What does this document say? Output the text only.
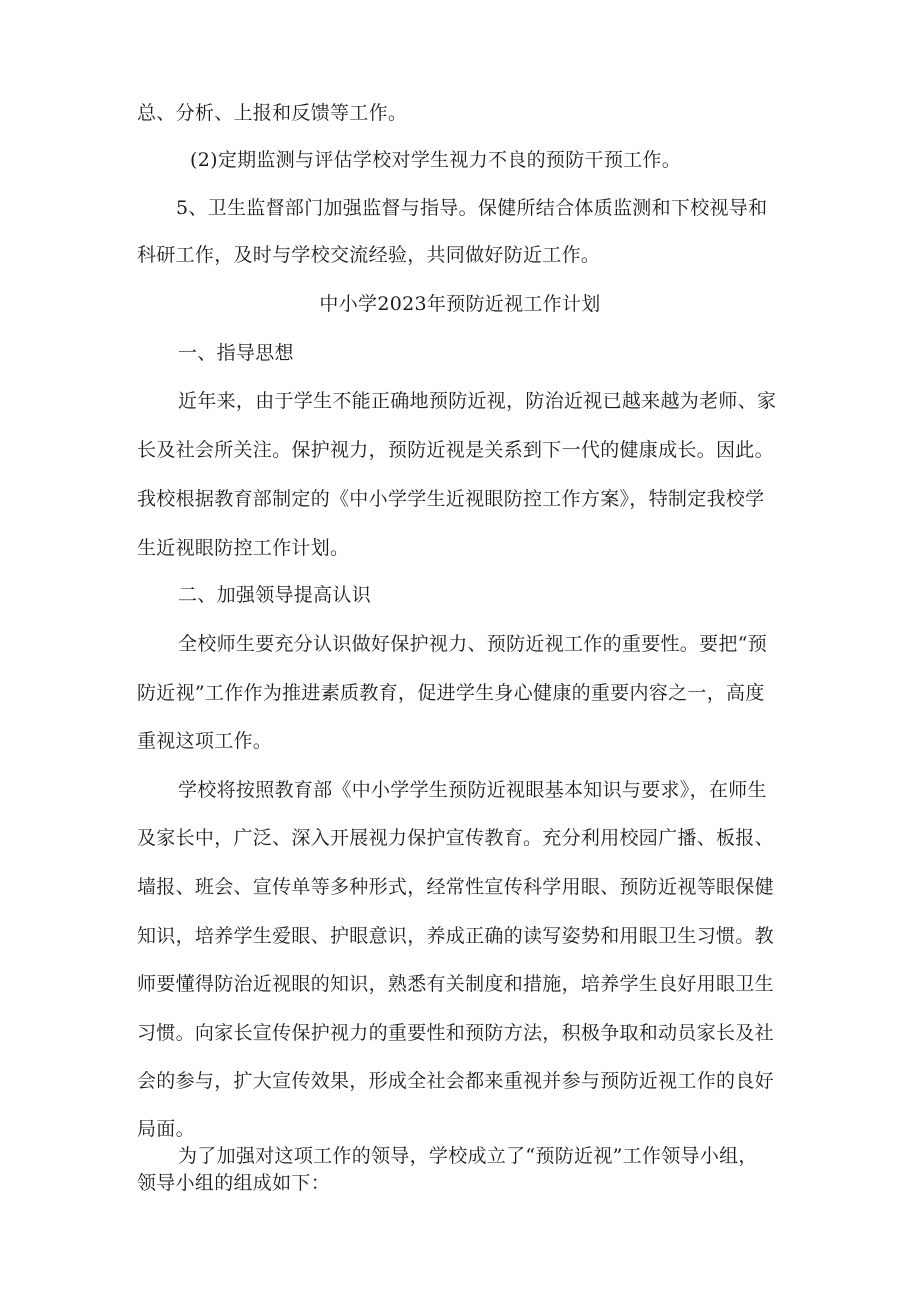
总、分析、上报和反馈等工作。
(2)定期监测与评估学校对学生视力不良的预防干预工作。
5、卫生监督部门加强监督与指导。保健所结合体质监测和下校视导和
科研工作，及时与学校交流经验，共同做好防近工作。
中小学2023年预防近视工作计划
一、指导思想
近年来，由于学生不能正确地预防近视，防治近视已越来越为老师、家
长及社会所关注。保护视力，预防近视是关系到下一代的健康成长。因此。
我校根据教育部制定的《中小学学生近视眼防控工作方案》，特制定我校学
生近视眼防控工作计划。
二、加强领导提高认识
全校师生要充分认识做好保护视力、预防近视工作的重要性。要把“预
防近视”工作作为推进素质教育，促进学生身心健康的重要内容之一，高度
重视这项工作。
学校将按照教育部《中小学学生预防近视眼基本知识与要求》，在师生
及家长中，广泛、深入开展视力保护宣传教育。充分利用校园广播、板报、
墙报、班会、宣传单等多种形式，经常性宣传科学用眼、预防近视等眼保健
知识，培养学生爱眼、护眼意识，养成正确的读写姿势和用眼卫生习惯。教
师要懂得防治近视眼的知识，熟悉有关制度和措施，培养学生良好用眼卫生
习惯。向家长宣传保护视力的重要性和预防方法，积极争取和动员家长及社
会的参与，扩大宣传效果，形成全社会都来重视并参与预防近视工作的良好
局面。
为了加强对这项工作的领导，学校成立了“预防近视”工作领导小组，
领导小组的组成如下：
